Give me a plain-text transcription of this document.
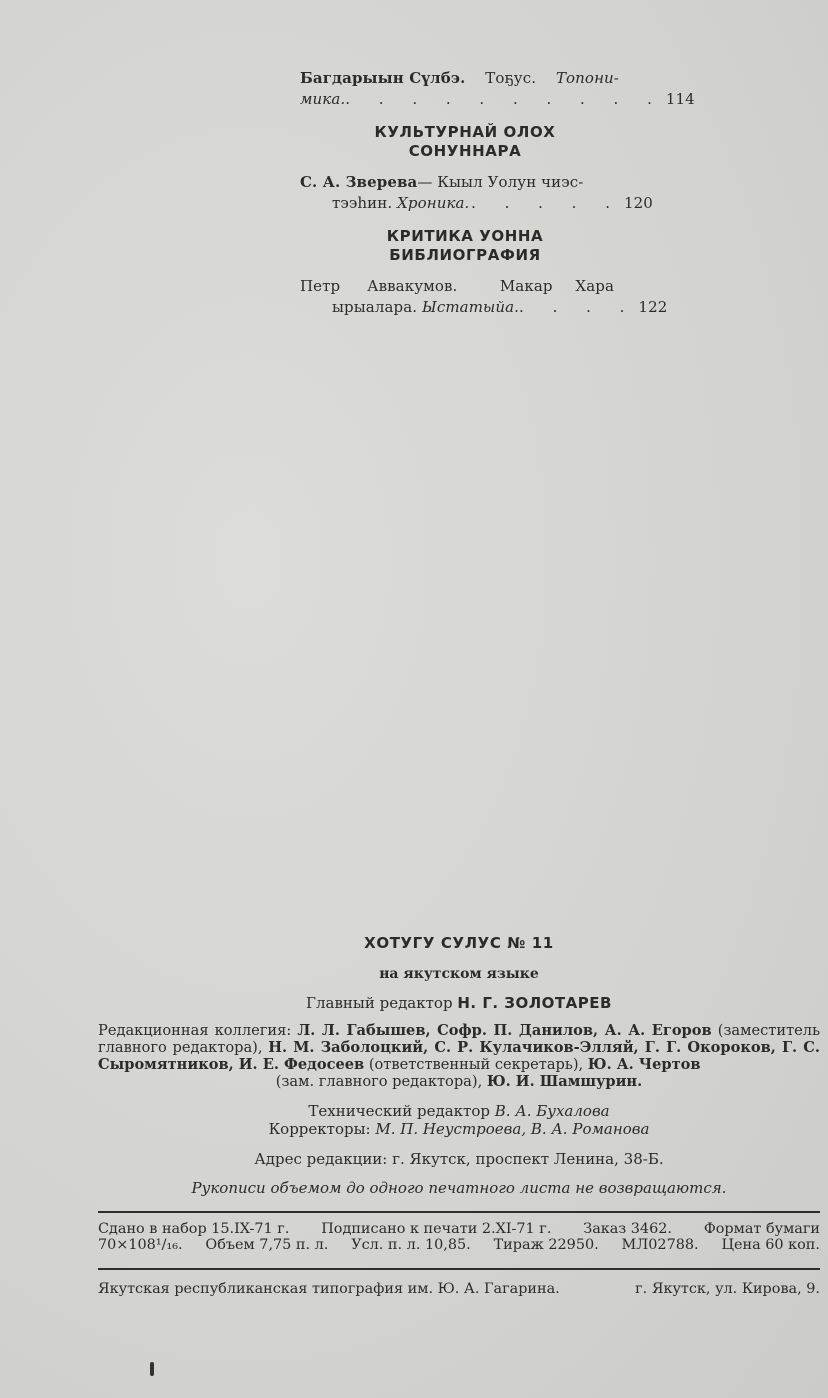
Багдарыын Сүлбэ. Тоҕус. Топони-
мика. . . . . . . . . . . 114
КУЛЬТУРНАЙ ОЛОХ
СОНУННАРА
С. А. Зверева— Кыыл Уолун чиэс-
тээһин.
Хроника. . . . . . 120
КРИТИКА УОННА
БИБЛИОГРАФИЯ
Петр Аввакумов.	Макар Хара
ырыалара.
Ыстатыйа. . . . . 122
ХОТУГУ СУЛУС № 11
на якутском языке
Главный редактор Н. Г. ЗОЛОТАРЕВ
Редакционная коллегия: Л. Л. Габышев, Софр. П. Данилов, А. А. Егоров (заместитель главного редактора), Н. М. Заболоцкий, С. Р. Кулачиков-Элляй, Г. Г. Окороков, Г. С. Сыромятников, И. Е. Федосеев (ответственный секретарь), Ю. А. Чертов
(зам. главного редактора), Ю. И. Шамшурин.
Технический редактор В. А. Бухалова
Корректоры: М. П. Неустроева, В. А. Романова
Адрес редакции: г. Якутск, проспект Ленина, 38-Б.
Рукописи объемом до одного печатного листа не возвращаются.
Сдано в набор 15.IX-71 г. Подписано к печати 2.XI-71 г. Заказ 3462. Формат бумаги
70×108¹/₁₆. Объем 7,75 п. л. Усл. п. л. 10,85. Тираж 22950. МЛ02788. Цена 60 коп.
Якутская республиканская типография им. Ю. А. Гагарина.	г. Якутск, ул. Кирова, 9.
